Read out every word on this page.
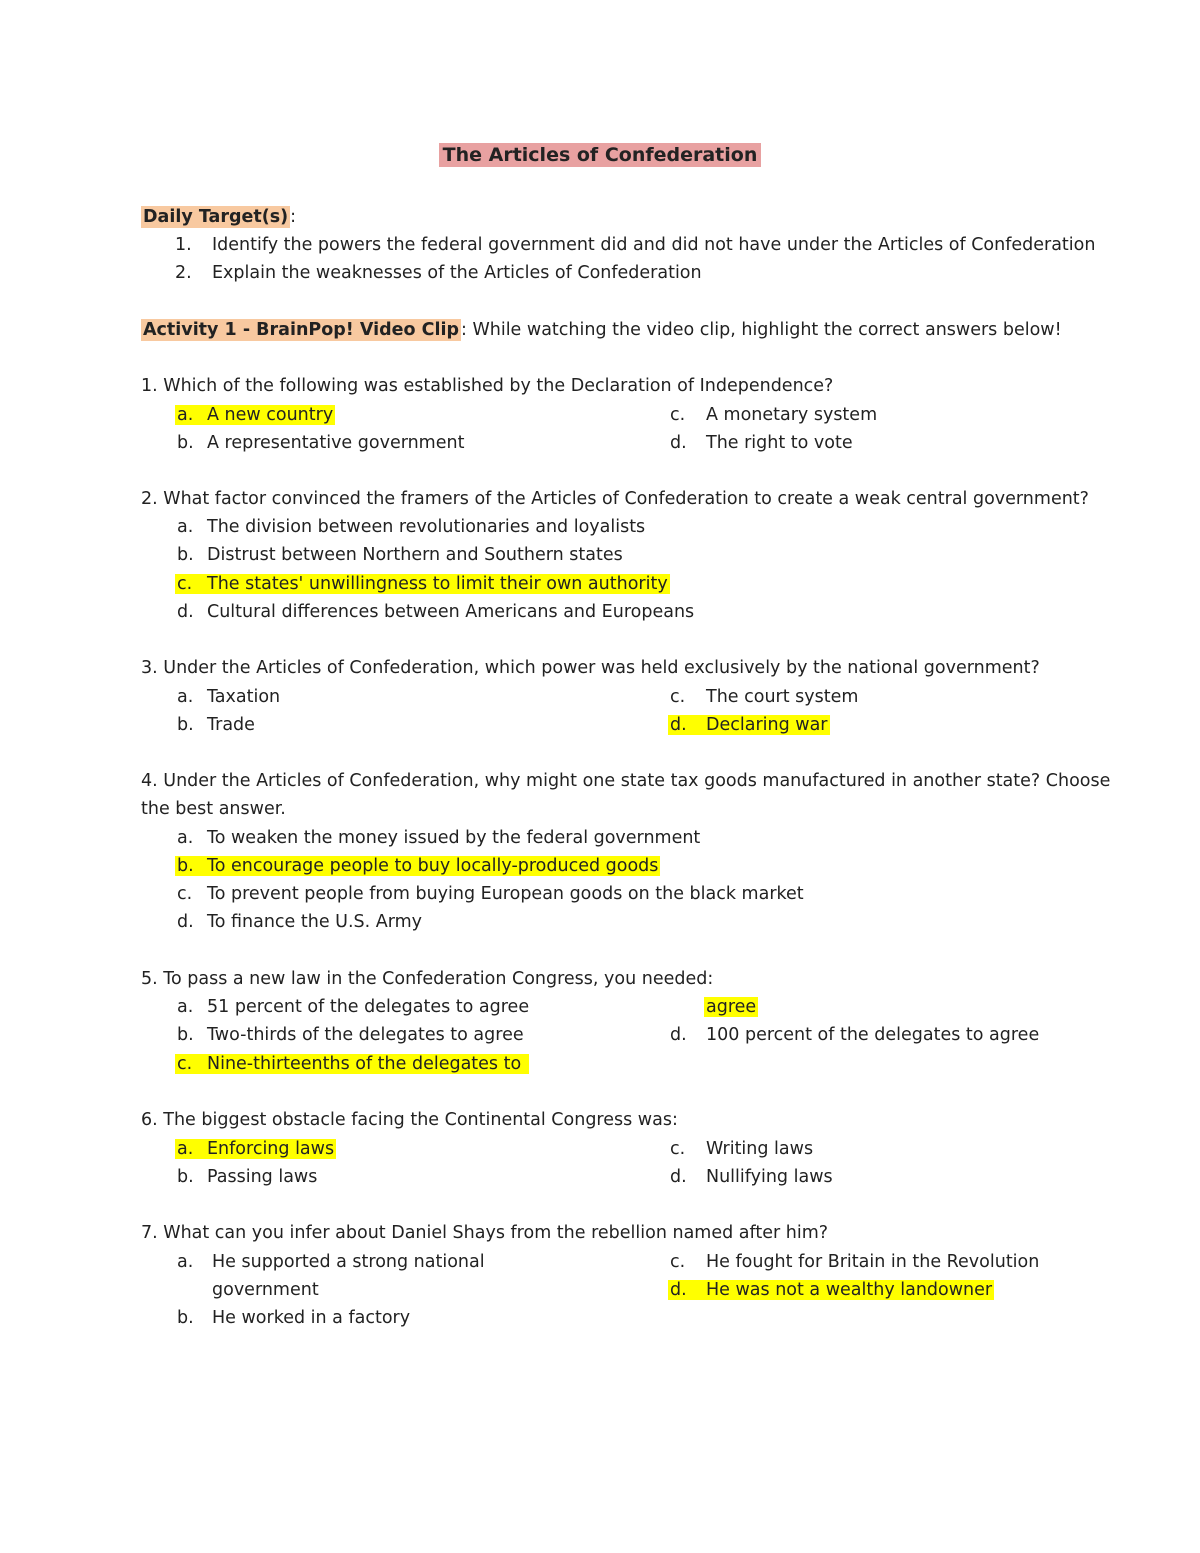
The Articles of Confederation
Daily Target(s) :
1. Identify the powers the federal government did and did not have under the Articles of Confederation
2. Explain the weaknesses of the Articles of Confederation
Activity 1 - BrainPop! Video Clip : While watching the video clip, highlight the correct answers below!
1. Which of the following was established by the Declaration of Independence?
a. A new country
b. A representative government
c. A monetary system
d. The right to vote
2. What factor convinced the framers of the Articles of Confederation to create a weak central government?
a. The division between revolutionaries and loyalists
b. Distrust between Northern and Southern states
c. The states' unwillingness to limit their own authority
d. Cultural differences between Americans and Europeans
3. Under the Articles of Confederation, which power was held exclusively by the national government?
a. Taxation
b. Trade
c. The court system
d. Declaring war
4. Under the Articles of Confederation, why might one state tax goods manufactured in another state? Choose
the best answer.
a. To weaken the money issued by the federal government
b. To encourage people to buy locally-produced goods
c. To prevent people from buying European goods on the black market
d. To finance the U.S. Army
5. To pass a new law in the Confederation Congress, you needed:
a. 51 percent of the delegates to agree
b. Two-thirds of the delegates to agree
c. Nine-thirteenths of the delegates to
agree
d. 100 percent of the delegates to agree
6. The biggest obstacle facing the Continental Congress was:
a. Enforcing laws
b. Passing laws
c. Writing laws
d. Nullifying laws
7. What can you infer about Daniel Shays from the rebellion named after him?
a. He supported a strong national
government
b. He worked in a factory
c. He fought for Britain in the Revolution
d. He was not a wealthy landowner
